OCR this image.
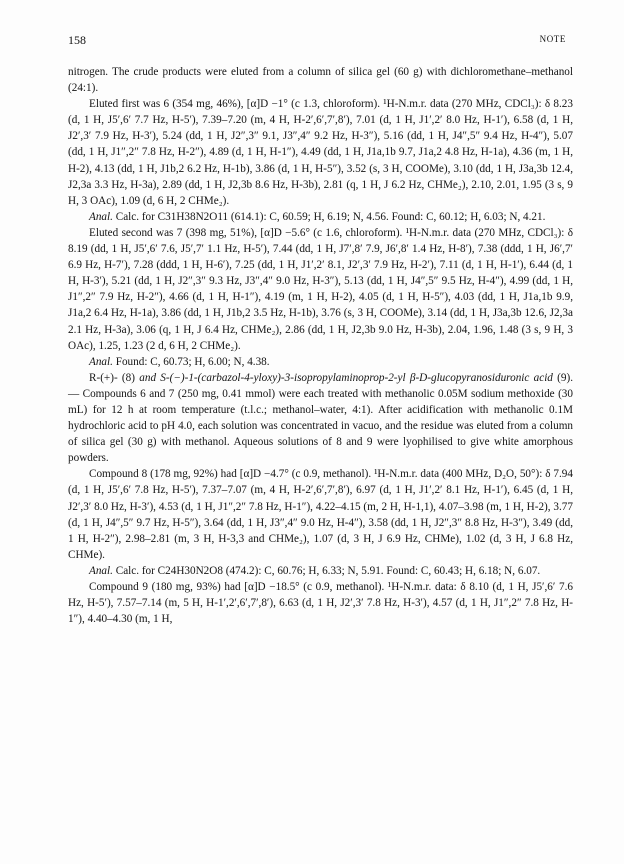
158	NOTE

nitrogen. The crude products were eluted from a column of silica gel (60 g) with dichloromethane–methanol (24:1).

Eluted first was 6 (354 mg, 46%), [α]D −1° (c 1.3, chloroform). ¹H-N.m.r. data (270 MHz, CDCl₃): δ 8.23 (d, 1 H, J5′,6′ 7.7 Hz, H-5′), 7.39–7.20 (m, 4 H, H-2′,6′,7′,8′), 7.01 (d, 1 H, J1′,2′ 8.0 Hz, H-1′), 6.58 (d, 1 H, J2′,3′ 7.9 Hz, H-3′), 5.24 (dd, 1 H, J2″,3″ 9.1, J3″,4″ 9.2 Hz, H-3″), 5.16 (dd, 1 H, J4″,5″ 9.4 Hz, H-4″), 5.07 (dd, 1 H, J1″,2″ 7.8 Hz, H-2″), 4.89 (d, 1 H, H-1″), 4.49 (dd, 1 H, J1a,1b 9.7, J1a,2 4.8 Hz, H-1a), 4.36 (m, 1 H, H-2), 4.13 (dd, 1 H, J1b,2 6.2 Hz, H-1b), 3.86 (d, 1 H, H-5″), 3.52 (s, 3 H, COOMe), 3.10 (dd, 1 H, J3a,3b 12.4, J2,3a 3.3 Hz, H-3a), 2.89 (dd, 1 H, J2,3b 8.6 Hz, H-3b), 2.81 (q, 1 H, J 6.2 Hz, CHMe₂), 2.10, 2.01, 1.95 (3 s, 9 H, 3 OAc), 1.09 (d, 6 H, 2 CHMe₂).

Anal. Calc. for C31H38N2O11 (614.1): C, 60.59; H, 6.19; N, 4.56. Found: C, 60.12; H, 6.03; N, 4.21.

Eluted second was 7 (398 mg, 51%), [α]D −5.6° (c 1.6, chloroform). ¹H-N.m.r. data (270 MHz, CDCl₃): δ 8.19 (dd, 1 H, J5′,6′ 7.6, J5′,7′ 1.1 Hz, H-5′), 7.44 (dd, 1 H, J7′,8′ 7.9, J6′,8′ 1.4 Hz, H-8′), 7.38 (ddd, 1 H, J6′,7′ 6.9 Hz, H-7′), 7.28 (ddd, 1 H, H-6′), 7.25 (dd, 1 H, J1′,2′ 8.1, J2′,3′ 7.9 Hz, H-2′), 7.11 (d, 1 H, H-1′), 6.44 (d, 1 H, H-3′), 5.21 (dd, 1 H, J2″,3″ 9.3 Hz, J3″,4″ 9.0 Hz, H-3″), 5.13 (dd, 1 H, J4″,5″ 9.5 Hz, H-4″), 4.99 (dd, 1 H, J1″,2″ 7.9 Hz, H-2″), 4.66 (d, 1 H, H-1″), 4.19 (m, 1 H, H-2), 4.05 (d, 1 H, H-5″), 4.03 (dd, 1 H, J1a,1b 9.9, J1a,2 6.4 Hz, H-1a), 3.86 (dd, 1 H, J1b,2 3.5 Hz, H-1b), 3.76 (s, 3 H, COOMe), 3.14 (dd, 1 H, J3a,3b 12.6, J2,3a 2.1 Hz, H-3a), 3.06 (q, 1 H, J 6.4 Hz, CHMe₂), 2.86 (dd, 1 H, J2,3b 9.0 Hz, H-3b), 2.04, 1.96, 1.48 (3 s, 9 H, 3 OAc), 1.25, 1.23 (2 d, 6 H, 2 CHMe₂).

Anal. Found: C, 60.73; H, 6.00; N, 4.38.

R-(+)- (8) and S-(−)-1-(carbazol-4-yloxy)-3-isopropylaminoprop-2-yl β-D-glucopyranosiduronic acid (9). — Compounds 6 and 7 (250 mg, 0.41 mmol) were each treated with methanolic 0.05M sodium methoxide (30 mL) for 12 h at room temperature (t.l.c.; methanol–water, 4:1). After acidification with methanolic 0.1M hydrochloric acid to pH 4.0, each solution was concentrated in vacuo, and the residue was eluted from a column of silica gel (30 g) with methanol. Aqueous solutions of 8 and 9 were lyophilised to give white amorphous powders.

Compound 8 (178 mg, 92%) had [α]D −4.7° (c 0.9, methanol). ¹H-N.m.r. data (400 MHz, D₂O, 50°): δ 7.94 (d, 1 H, J5′,6′ 7.8 Hz, H-5′), 7.37–7.07 (m, 4 H, H-2′,6′,7′,8′), 6.97 (d, 1 H, J1′,2′ 8.1 Hz, H-1′), 6.45 (d, 1 H, J2′,3′ 8.0 Hz, H-3′), 4.53 (d, 1 H, J1″,2″ 7.8 Hz, H-1″), 4.22–4.15 (m, 2 H, H-1,1), 4.07–3.98 (m, 1 H, H-2), 3.77 (d, 1 H, J4″,5″ 9.7 Hz, H-5″), 3.64 (dd, 1 H, J3″,4″ 9.0 Hz, H-4″), 3.58 (dd, 1 H, J2″,3″ 8.8 Hz, H-3″), 3.49 (dd, 1 H, H-2″), 2.98–2.81 (m, 3 H, H-3,3 and CHMe₂), 1.07 (d, 3 H, J 6.9 Hz, CHMe), 1.02 (d, 3 H, J 6.8 Hz, CHMe).

Anal. Calc. for C24H30N2O8 (474.2): C, 60.76; H, 6.33; N, 5.91. Found: C, 60.43; H, 6.18; N, 6.07.

Compound 9 (180 mg, 93%) had [α]D −18.5° (c 0.9, methanol). ¹H-N.m.r. data: δ 8.10 (d, 1 H, J5′,6′ 7.6 Hz, H-5′), 7.57–7.14 (m, 5 H, H-1′,2′,6′,7′,8′), 6.63 (d, 1 H, J2′,3′ 7.8 Hz, H-3′), 4.57 (d, 1 H, J1″,2″ 7.8 Hz, H-1″), 4.40–4.30 (m, 1 H,
